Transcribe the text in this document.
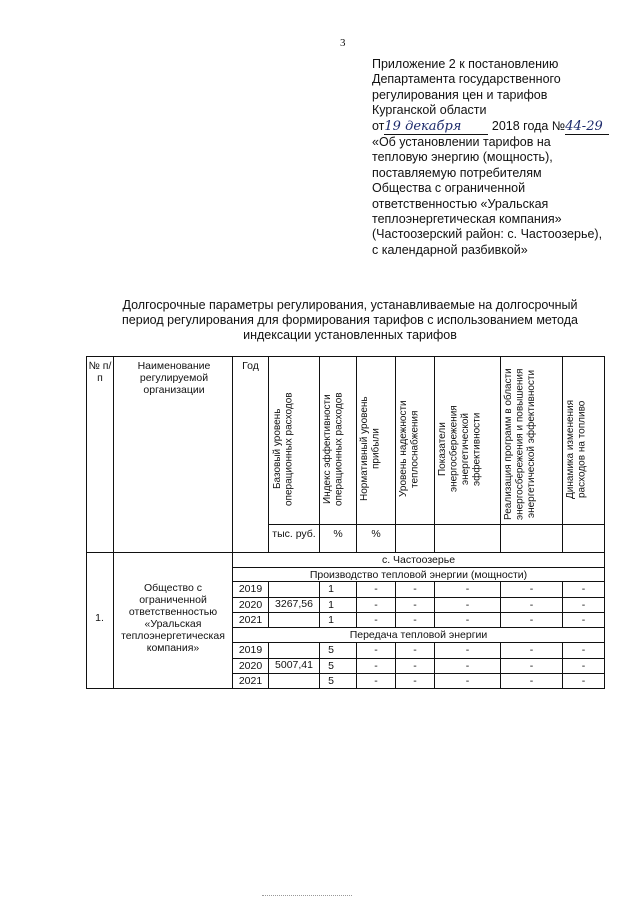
3
Приложение 2 к постановлению
Департамента государственного
регулирования цен и тарифов
Курганской области
от19 декабря 2018 года №44-29
«Об установлении тарифов на
тепловую энергию (мощность),
поставляемую потребителям
Общества с ограниченной
ответственностью «Уральская
теплоэнергетическая компания»
(Частоозерский район: с. Частоозерье),
с календарной разбивкой»
Долгосрочные параметры регулирования, устанавливаемые на долгосрочный
период регулирования для формирования тарифов с использованием метода
индексации установленных тарифов
№ п/п
Наименование регулируемой организации
Год
Базовый уровень операционных расходов	Индекс эффективности операционных расходов	Нормативный уровень прибыли	Уровень надежности теплоснабжения	Показатели энергосбережения энергетической эффективности	Реализация программ в области энергосбережения и повышения энергетической эффективности	Динамика изменения расходов на топливо
тыс. руб.	%	%
1.
Общество с ограниченной ответственностью «Уральская теплоэнергетическая компания»
с. Частоозерье
Производство тепловой энергии (мощности)
3267,56
2019	1	-	-	-	-	-
2020	1	-	-	-	-	-
2021	1	-	-	-	-	-
Передача тепловой энергии
5007,41
2019	5	-	-	-	-	-
2020	5	-	-	-	-	-
2021	5	-	-	-	-	-
